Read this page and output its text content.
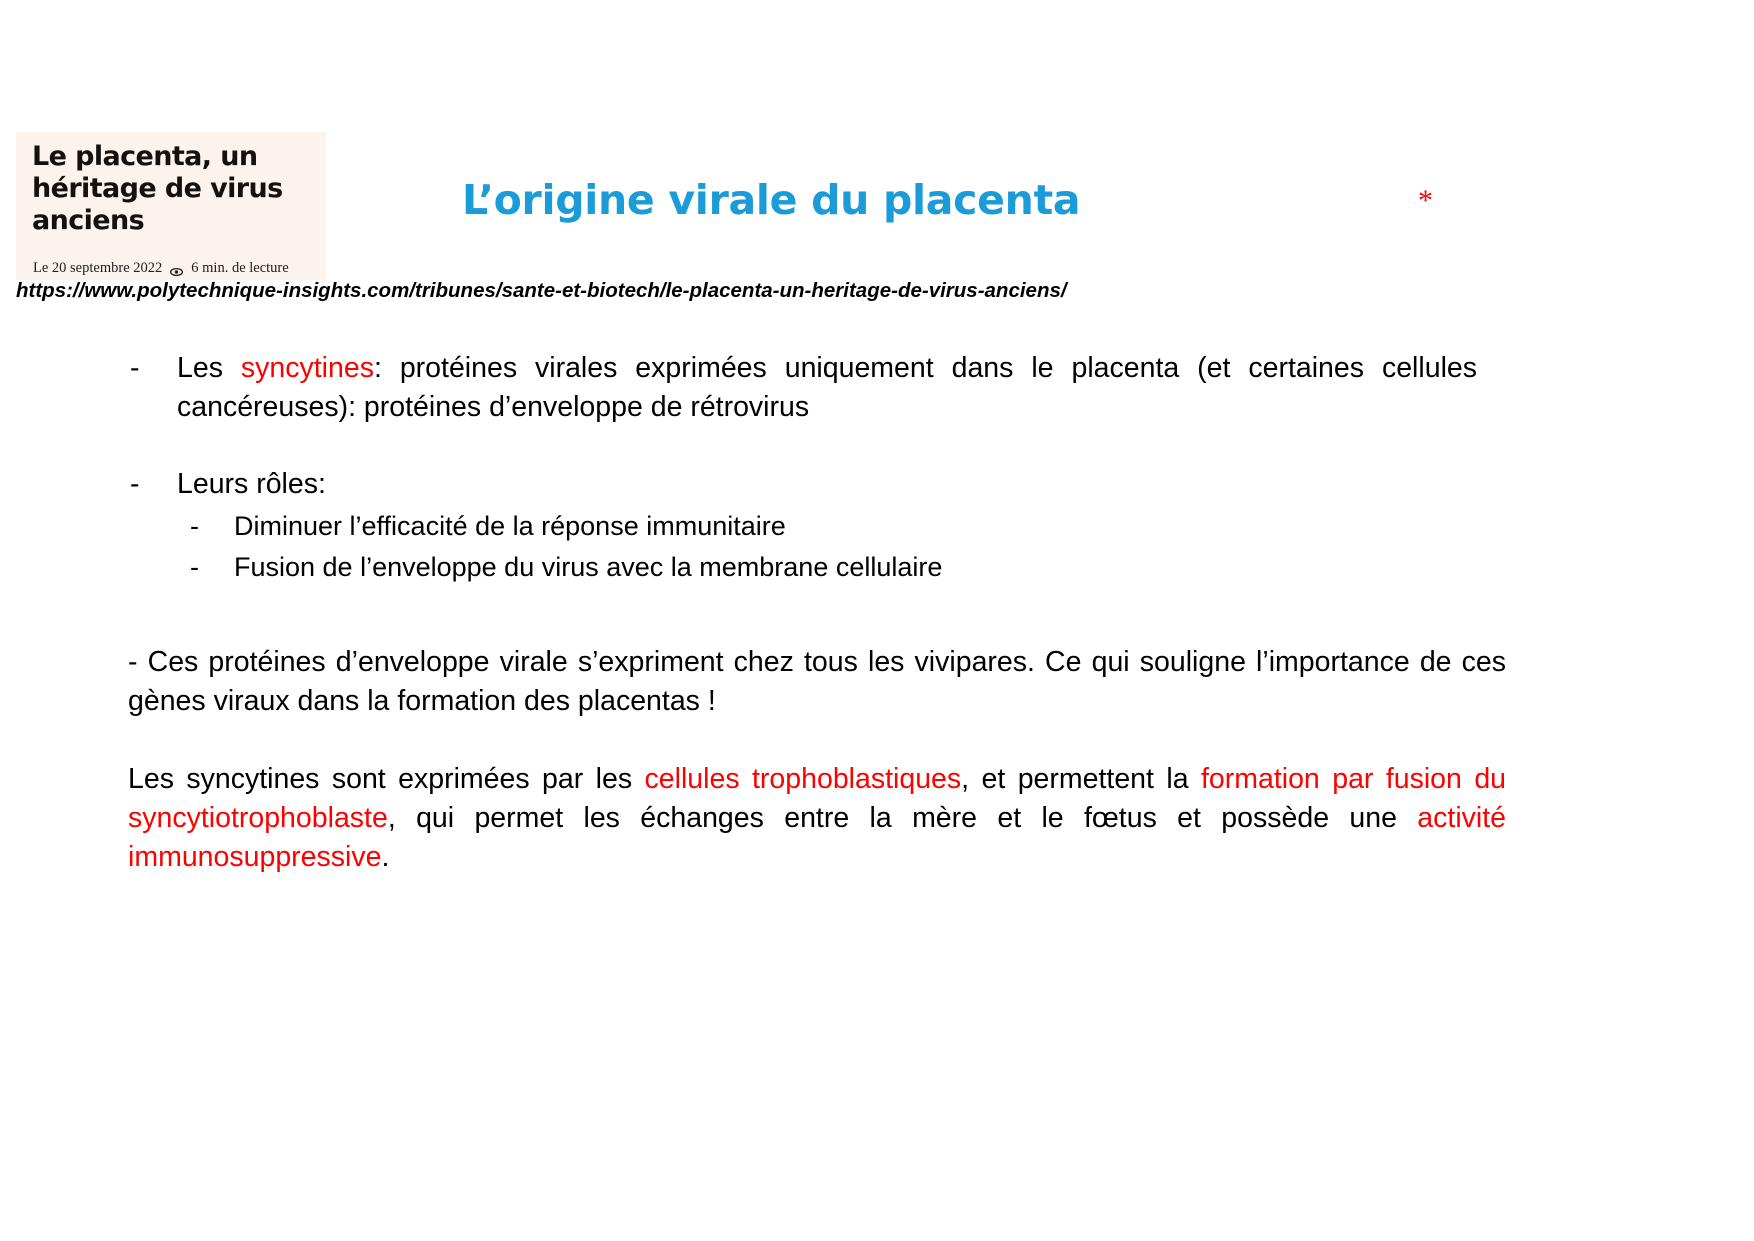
Le placenta, un héritage de virus anciens
Le 20 septembre 2022 6 min. de lecture
L’origine virale du placenta	*
https://www.polytechnique-insights.com/tribunes/sante-et-biotech/le-placenta-un-heritage-de-virus-anciens/
- Les syncytines: protéines virales exprimées uniquement dans le placenta (et certaines cellules cancéreuses): protéines d’enveloppe de rétrovirus
- Leurs rôles:
- Diminuer l’efficacité de la réponse immunitaire
- Fusion de l’enveloppe du virus avec la membrane cellulaire
- Ces protéines d’enveloppe virale s’expriment chez tous les vivipares. Ce qui souligne l’importance de ces gènes viraux dans la formation des placentas !
Les syncytines sont exprimées par les cellules trophoblastiques, et permettent la formation par fusion du syncytiotrophoblaste, qui permet les échanges entre la mère et le fœtus et possède une activité immunosuppressive.
